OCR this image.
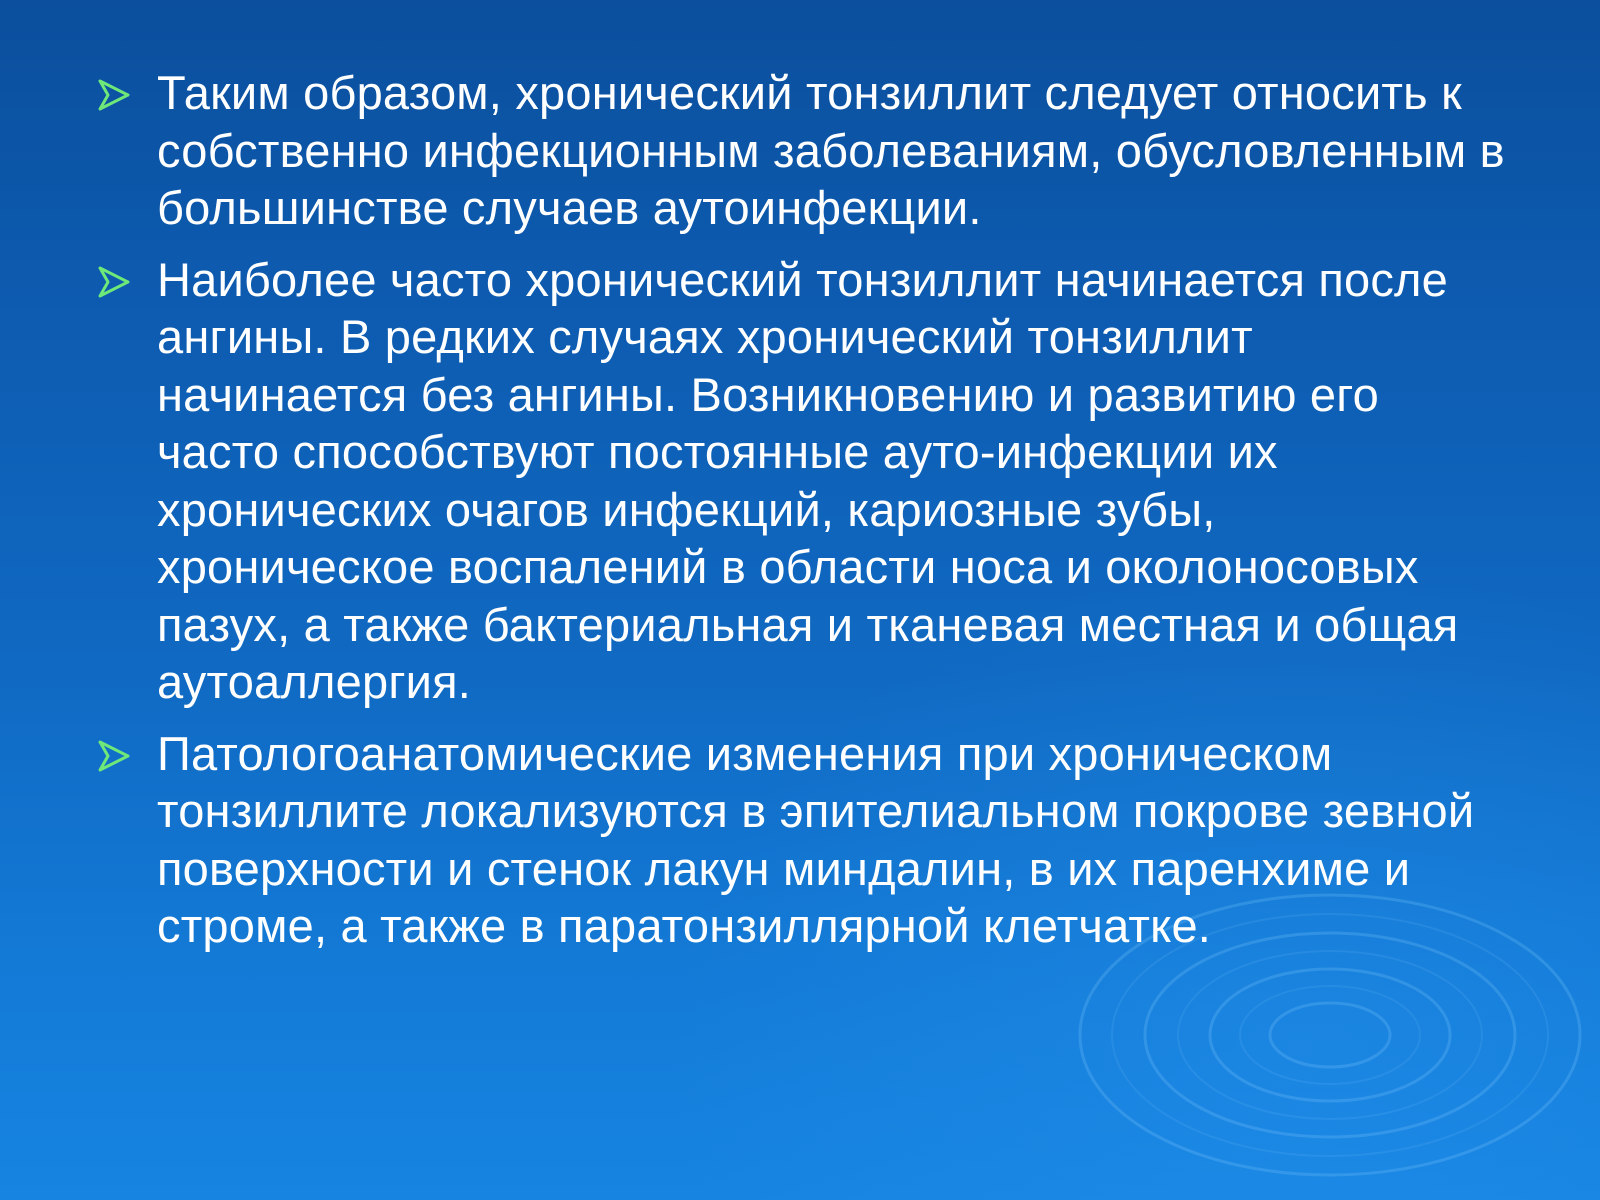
Таким образом, хронический тонзиллит следует относить к собственно инфекционным заболеваниям, обусловленным в большинстве случаев аутоинфекции.
Наиболее часто хронический тонзиллит начинается после ангины. В редких случаях хронический тонзиллит начинается без ангины. Возникновению и развитию его часто способствуют постоянные ауто-инфекции их хронических очагов инфекций, кариозные зубы, хроническое воспалений в области носа и околоносовых пазух, а также бактериальная и тканевая местная и общая аутоаллергия.
Патологоанатомические изменения при хроническом тонзиллите локализуются в эпителиальном покрове зевной поверхности и стенок лакун миндалин, в их паренхиме и строме, а также в паратонзиллярной клетчатке.
